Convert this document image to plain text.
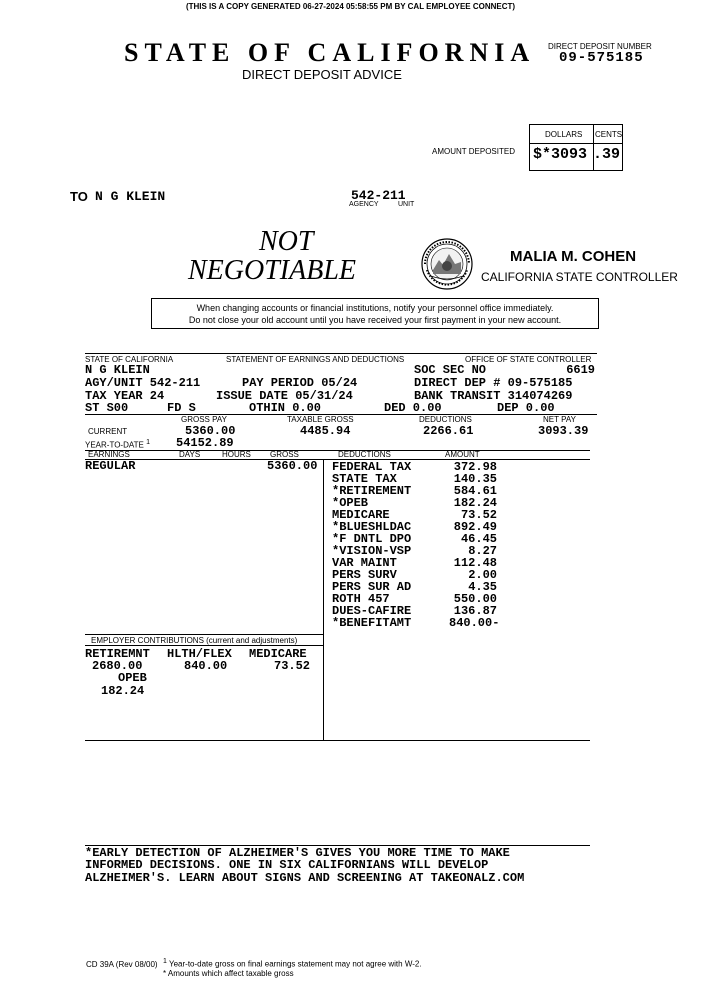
(THIS IS A COPY GENERATED 06-27-2024 05:58:55 PM BY CAL EMPLOYEE CONNECT)
STATE OF CALIFORNIA
DIRECT DEPOSIT ADVICE
DIRECT DEPOSIT NUMBER
09-575185
DOLLARS CENTS
AMOUNT DEPOSITED $*3093 .39
TO N G KLEIN	542-211
AGENCY	UNIT
NOT
NEGOTIABLE	MALIA M. COHEN
CALIFORNIA STATE CONTROLLER
When changing accounts or financial institutions, notify your personnel office immediately.
Do not close your old account until you have received your first payment in your new account.
STATE OF CALIFORNIA	STATEMENT OF EARNINGS AND DEDUCTIONS	OFFICE OF STATE CONTROLLER
N G KLEIN	SOC SEC NO	6619
AGY/UNIT 542-211	PAY PERIOD 05/24	DIRECT DEP # 09-575185
TAX YEAR 24	ISSUE DATE 05/31/24	BANK TRANSIT 314074269
ST S00	FD S	OTHIN 0.00	DED 0.00	DEP 0.00
GROSS PAY	TAXABLE GROSS	DEDUCTIONS	NET PAY
CURRENT	5360.00	4485.94	2266.61	3093.39
YEAR-TO-DATE $^1$ 54152.89
EARNINGS	DAYS	HOURS GROSS	DEDUCTIONS	AMOUNT
REGULAR	5360.00 FEDERAL TAX	372.98
STATE TAX	140.35
*RETIREMENT	584.61
*OPEB	182.24
MEDICARE	73.52
*BLUESHLDAC	892.49
*F DNTL DPO	46.45
*VISION-VSP	8.27
VAR MAINT	112.48
PERS SURV	2.00
PERS SUR AD	4.35
ROTH 457	550.00
DUES-CAFIRE	136.87
*BENEFITAMT	840.00-
EMPLOYER CONTRIBUTIONS (current and adjustments)
RETIREMNT HLTH/FLEX MEDICARE
2680.00	840.00	73.52
OPEB
182.24
*EARLY DETECTION OF ALZHEIMER'S GIVES YOU MORE TIME TO MAKE
INFORMED DECISIONS. ONE IN SIX CALIFORNIANS WILL DEVELOP
ALZHEIMER'S. LEARN ABOUT SIGNS AND SCREENING AT TAKEONALZ.COM
CD 39A (Rev 08/00) $^1$ Year-to-date gross on final earnings statement may not agree with W-2.
* Amounts which affect taxable gross
